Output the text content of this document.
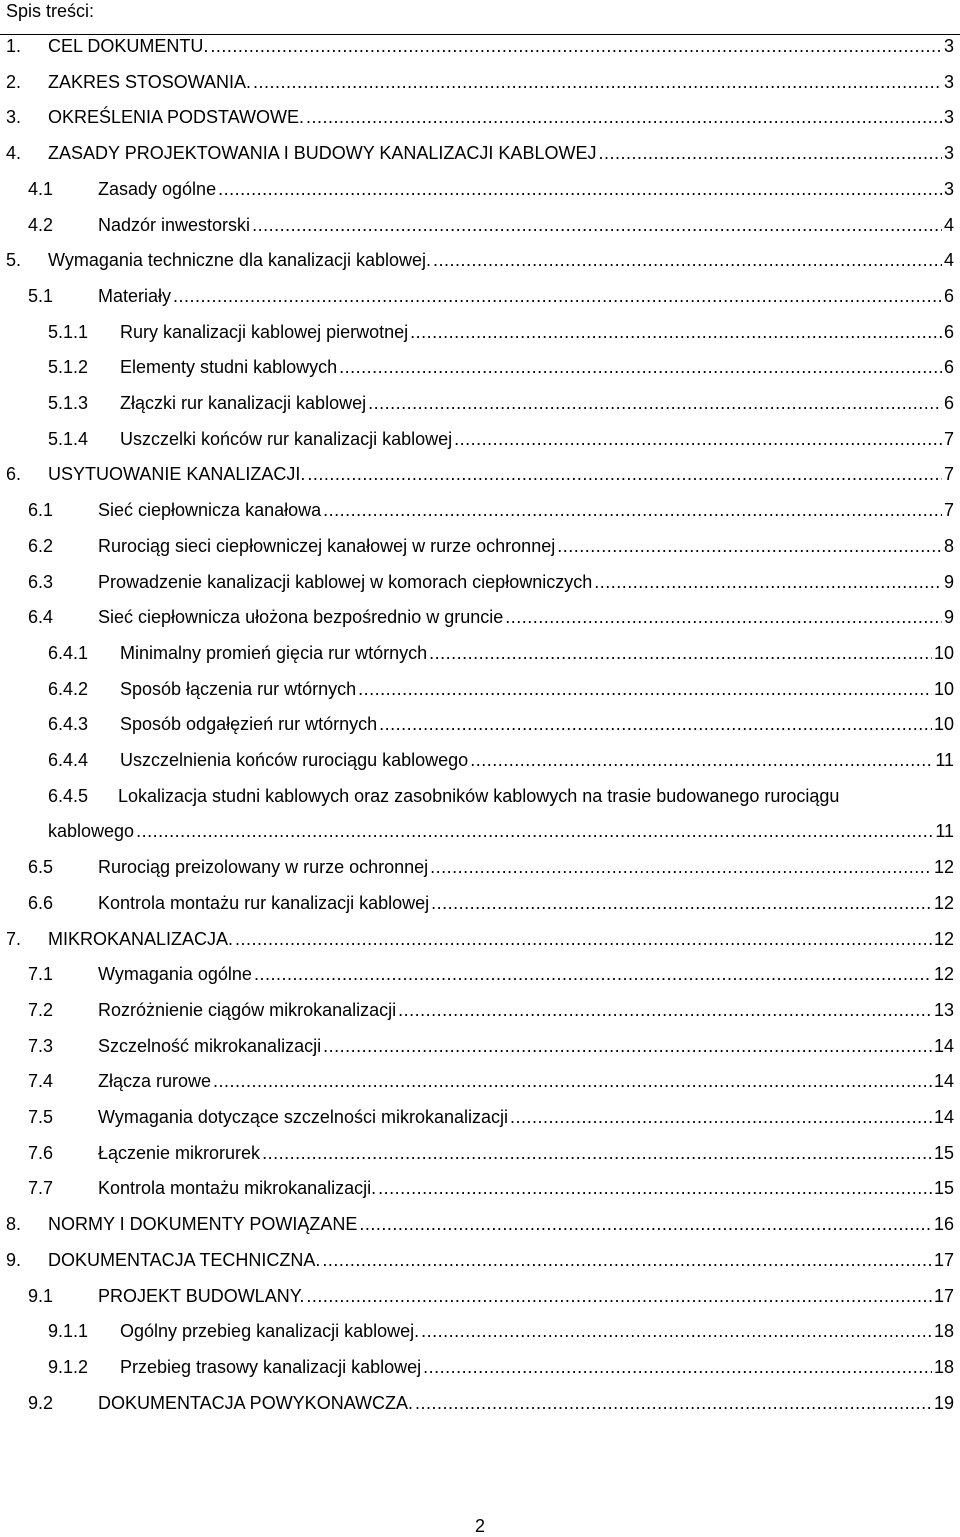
Spis treści:
1. CEL DOKUMENTU. .....	3
2. ZAKRES STOSOWANIA. .....	3
3. OKREŚLENIA PODSTAWOWE. .....	3
4. ZASADY PROJEKTOWANIA I BUDOWY KANALIZACJI KABLOWEJ .....	3
4.1 Zasady ogólne .....	3
4.2 Nadzór inwestorski .....	4
5. Wymagania techniczne dla kanalizacji kablowej. .....	4
5.1 Materiały .....	6
5.1.1 Rury kanalizacji kablowej pierwotnej .....	6
5.1.2 Elementy studni kablowych .....	6
5.1.3 Złączki rur kanalizacji kablowej .....	6
5.1.4 Uszczelki końców rur kanalizacji kablowej .....	7
6. USYTUOWANIE KANALIZACJI. .....	7
6.1 Sieć ciepłownicza kanałowa .....	7
6.2 Rurociąg sieci ciepłowniczej kanałowej w rurze ochronnej .....	8
6.3 Prowadzenie kanalizacji kablowej w komorach ciepłowniczych .....	9
6.4 Sieć ciepłownicza ułożona bezpośrednio w gruncie .....	9
6.4.1 Minimalny promień gięcia rur wtórnych .....	10
6.4.2 Sposób łączenia rur wtórnych .....	10
6.4.3 Sposób odgałęzień rur wtórnych .....	10
6.4.4 Uszczelnienia końców rurociągu kablowego .....	11
6.4.5 Lokalizacja studni kablowych oraz zasobników kablowych na trasie budowanego rurociągu
kablowego .....	11
6.5 Rurociąg preizolowany w rurze ochronnej .....	12
6.6 Kontrola montażu rur kanalizacji kablowej .....	12
7. MIKROKANALIZACJA. .....	12
7.1 Wymagania ogólne .....	12
7.2 Rozróżnienie ciągów mikrokanalizacji .....	13
7.3 Szczelność mikrokanalizacji .....	14
7.4 Złącza rurowe .....	14
7.5 Wymagania dotyczące szczelności mikrokanalizacji .....	14
7.6 Łączenie mikrorurek .....	15
7.7 Kontrola montażu mikrokanalizacji. .....	15
8. NORMY I DOKUMENTY POWIĄZANE .....	16
9. DOKUMENTACJA TECHNICZNA. .....	17
9.1 PROJEKT BUDOWLANY. .....	17
9.1.1 Ogólny przebieg kanalizacji kablowej. .....	18
9.1.2 Przebieg trasowy kanalizacji kablowej .....	18
9.2 DOKUMENTACJA POWYKONAWCZA. .....	19
2
